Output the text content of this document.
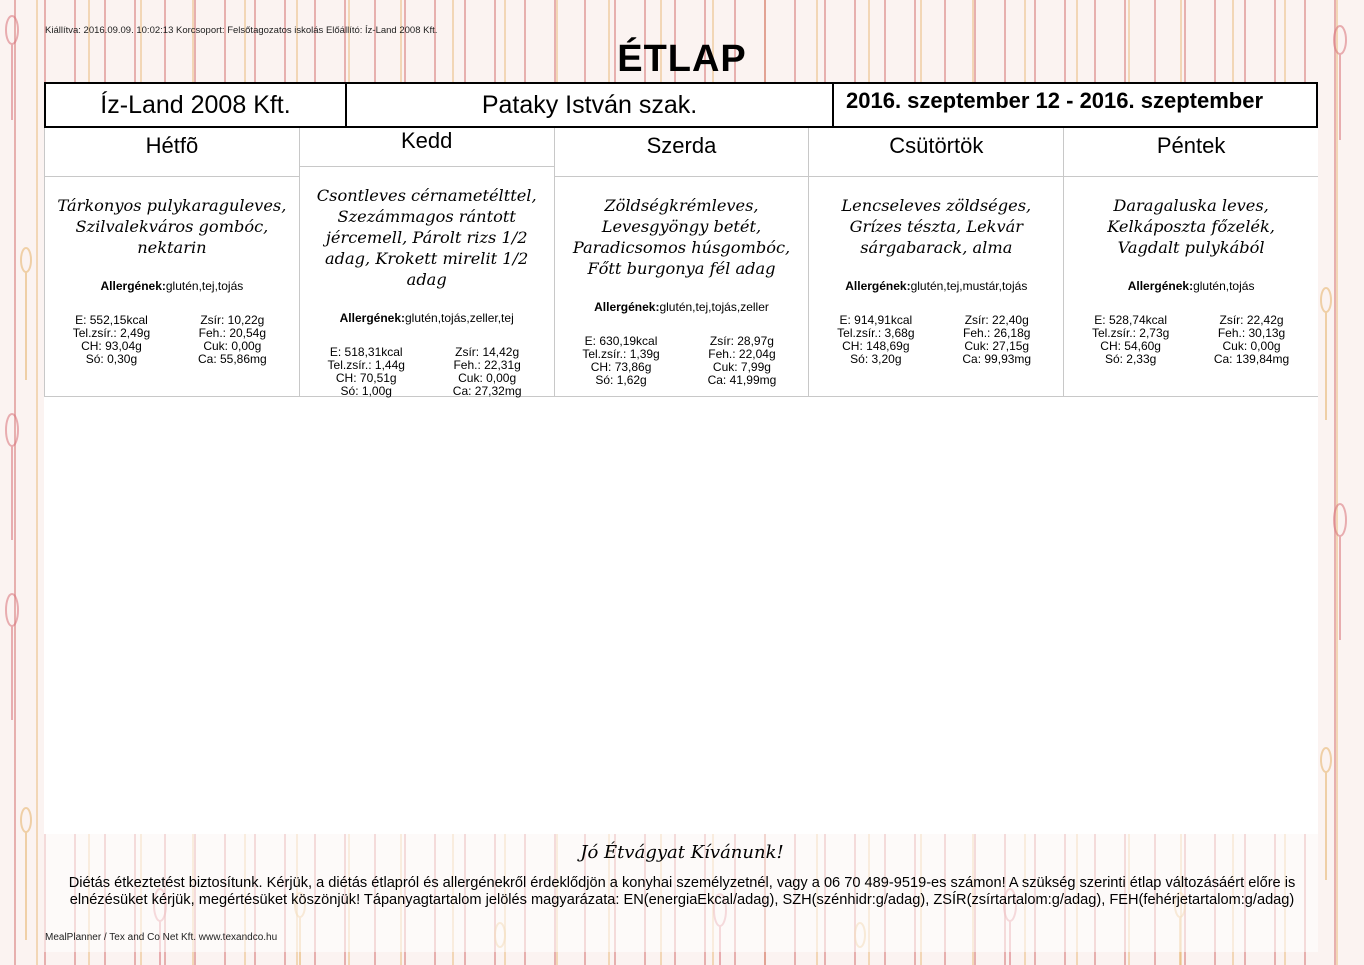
Kiállítva: 2016.09.09. 10:02:13 Korcsoport: Felsőtagozatos iskolás Előállító: Íz-Land 2008 Kft.
ÉTLAP
Íz-Land 2008 Kft.	Pataky István szak.	2016. szeptember 12 - 2016. szeptember
Hétfõ
Tárkonyos pulykaraguleves, Szilvalekváros gombóc, nektarin
Allergének:glutén,tej,tojás
E: 552,15kcal	Zsír: 10,22g
Tel.zsír.: 2,49g	Feh.: 20,54g
CH: 93,04g	Cuk: 0,00g
Só: 0,30g	Ca: 55,86mg
Kedd
Csontleves cérnametélttel, Szezámmagos rántott jércemell, Párolt rizs 1/2 adag, Krokett mirelit 1/2 adag
Allergének:glutén,tojás,zeller,tej
E: 518,31kcal	Zsír: 14,42g
Tel.zsír.: 1,44g	Feh.: 22,31g
CH: 70,51g	Cuk: 0,00g
Só: 1,00g	Ca: 27,32mg
Szerda
Zöldségkrémleves, Levesgyöngy betét, Paradicsomos húsgombóc, Főtt burgonya fél adag
Allergének:glutén,tej,tojás,zeller
E: 630,19kcal	Zsír: 28,97g
Tel.zsír.: 1,39g	Feh.: 22,04g
CH: 73,86g	Cuk: 7,99g
Só: 1,62g	Ca: 41,99mg
Csütörtök
Lencseleves zöldséges, Grízes tészta, Lekvár sárgabarack, alma
Allergének:glutén,tej,mustár,tojás
E: 914,91kcal	Zsír: 22,40g
Tel.zsír.: 3,68g	Feh.: 26,18g
CH: 148,69g	Cuk: 27,15g
Só: 3,20g	Ca: 99,93mg
Péntek
Daragaluska leves, Kelkáposzta főzelék, Vagdalt pulykából
Allergének:glutén,tojás
E: 528,74kcal	Zsír: 22,42g
Tel.zsír.: 2,73g	Feh.: 30,13g
CH: 54,60g	Cuk: 0,00g
Só: 2,33g	Ca: 139,84mg
Jó Étvágyat Kívánunk!
Diétás étkeztetést biztosítunk. Kérjük, a diétás étlapról és allergénekről érdeklődjön a konyhai személyzetnél, vagy a 06 70 489-9519-es számon! A szükség szerinti étlap változásáért előre is elnézésüket kérjük, megértésüket köszönjük! Tápanyagtartalom jelölés magyarázata: EN(energiaEkcal/adag), SZH(szénhidr:g/adag), ZSÍR(zsírtartalom:g/adag), FEH(fehérjetartalom:g/adag)
MealPlanner / Tex and Co Net Kft. www.texandco.hu
